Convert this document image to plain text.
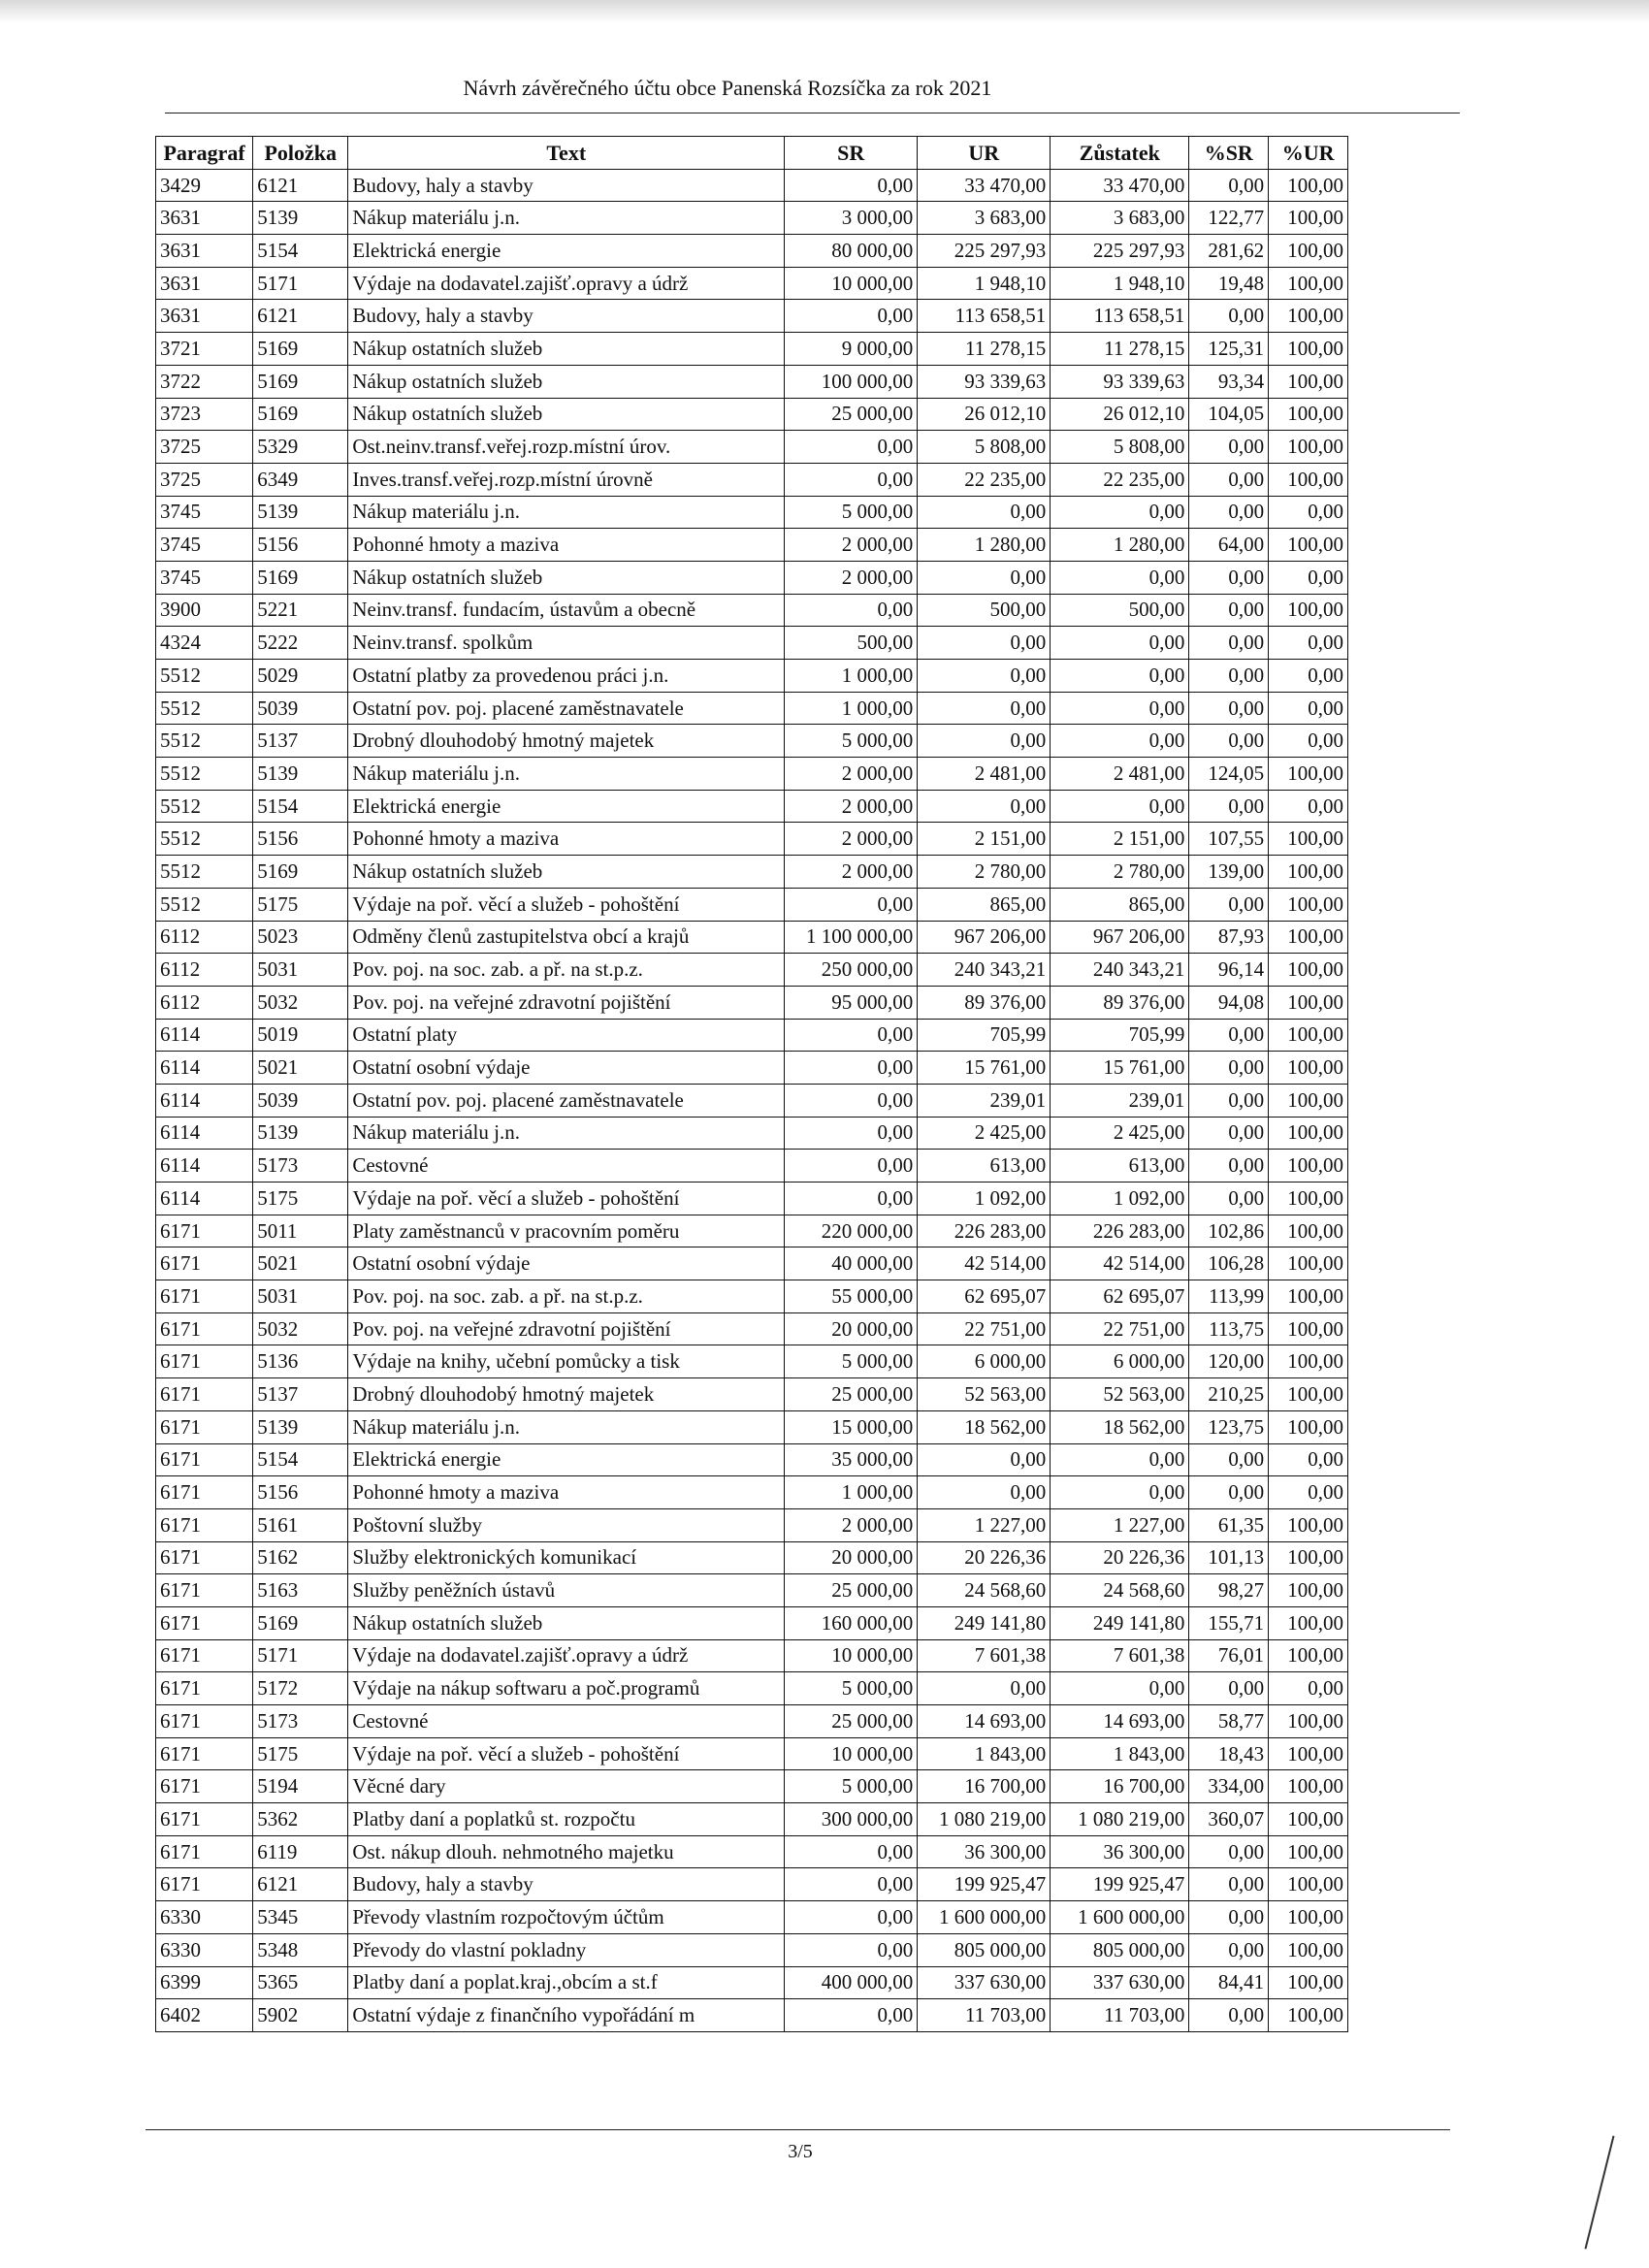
Návrh závěrečného účtu obce Panenská Rozsíčka za rok 2021
Paragraf	Položka	Text	SR	UR	Zůstatek	%SR	%UR
3429	6121	Budovy, haly a stavby	0,00	33 470,00	33 470,00	0,00	100,00
3631	5139	Nákup materiálu j.n.	3 000,00	3 683,00	3 683,00	122,77	100,00
3631	5154	Elektrická energie	80 000,00	225 297,93	225 297,93	281,62	100,00
3631	5171	Výdaje na dodavatel.zajišť.opravy a údrž	10 000,00	1 948,10	1 948,10	19,48	100,00
3631	6121	Budovy, haly a stavby	0,00	113 658,51	113 658,51	0,00	100,00
3721	5169	Nákup ostatních služeb	9 000,00	11 278,15	11 278,15	125,31	100,00
3722	5169	Nákup ostatních služeb	100 000,00	93 339,63	93 339,63	93,34	100,00
3723	5169	Nákup ostatních služeb	25 000,00	26 012,10	26 012,10	104,05	100,00
3725	5329	Ost.neinv.transf.veřej.rozp.místní úrov.	0,00	5 808,00	5 808,00	0,00	100,00
3725	6349	Inves.transf.veřej.rozp.místní úrovně	0,00	22 235,00	22 235,00	0,00	100,00
3745	5139	Nákup materiálu j.n.	5 000,00	0,00	0,00	0,00	0,00
3745	5156	Pohonné hmoty a maziva	2 000,00	1 280,00	1 280,00	64,00	100,00
3745	5169	Nákup ostatních služeb	2 000,00	0,00	0,00	0,00	0,00
3900	5221	Neinv.transf. fundacím, ústavům a obecně	0,00	500,00	500,00	0,00	100,00
4324	5222	Neinv.transf. spolkům	500,00	0,00	0,00	0,00	0,00
5512	5029	Ostatní platby za provedenou práci j.n.	1 000,00	0,00	0,00	0,00	0,00
5512	5039	Ostatní pov. poj. placené zaměstnavatele	1 000,00	0,00	0,00	0,00	0,00
5512	5137	Drobný dlouhodobý hmotný majetek	5 000,00	0,00	0,00	0,00	0,00
5512	5139	Nákup materiálu j.n.	2 000,00	2 481,00	2 481,00	124,05	100,00
5512	5154	Elektrická energie	2 000,00	0,00	0,00	0,00	0,00
5512	5156	Pohonné hmoty a maziva	2 000,00	2 151,00	2 151,00	107,55	100,00
5512	5169	Nákup ostatních služeb	2 000,00	2 780,00	2 780,00	139,00	100,00
5512	5175	Výdaje na poř. věcí a služeb - pohoštění	0,00	865,00	865,00	0,00	100,00
6112	5023	Odměny členů zastupitelstva obcí a krajů	1 100 000,00	967 206,00	967 206,00	87,93	100,00
6112	5031	Pov. poj. na soc. zab. a př. na st.p.z.	250 000,00	240 343,21	240 343,21	96,14	100,00
6112	5032	Pov. poj. na veřejné zdravotní pojištění	95 000,00	89 376,00	89 376,00	94,08	100,00
6114	5019	Ostatní platy	0,00	705,99	705,99	0,00	100,00
6114	5021	Ostatní osobní výdaje	0,00	15 761,00	15 761,00	0,00	100,00
6114	5039	Ostatní pov. poj. placené zaměstnavatele	0,00	239,01	239,01	0,00	100,00
6114	5139	Nákup materiálu j.n.	0,00	2 425,00	2 425,00	0,00	100,00
6114	5173	Cestovné	0,00	613,00	613,00	0,00	100,00
6114	5175	Výdaje na poř. věcí a služeb - pohoštění	0,00	1 092,00	1 092,00	0,00	100,00
6171	5011	Platy zaměstnanců v pracovním poměru	220 000,00	226 283,00	226 283,00	102,86	100,00
6171	5021	Ostatní osobní výdaje	40 000,00	42 514,00	42 514,00	106,28	100,00
6171	5031	Pov. poj. na soc. zab. a př. na st.p.z.	55 000,00	62 695,07	62 695,07	113,99	100,00
6171	5032	Pov. poj. na veřejné zdravotní pojištění	20 000,00	22 751,00	22 751,00	113,75	100,00
6171	5136	Výdaje na knihy, učební pomůcky a tisk	5 000,00	6 000,00	6 000,00	120,00	100,00
6171	5137	Drobný dlouhodobý hmotný majetek	25 000,00	52 563,00	52 563,00	210,25	100,00
6171	5139	Nákup materiálu j.n.	15 000,00	18 562,00	18 562,00	123,75	100,00
6171	5154	Elektrická energie	35 000,00	0,00	0,00	0,00	0,00
6171	5156	Pohonné hmoty a maziva	1 000,00	0,00	0,00	0,00	0,00
6171	5161	Poštovní služby	2 000,00	1 227,00	1 227,00	61,35	100,00
6171	5162	Služby elektronických komunikací	20 000,00	20 226,36	20 226,36	101,13	100,00
6171	5163	Služby peněžních ústavů	25 000,00	24 568,60	24 568,60	98,27	100,00
6171	5169	Nákup ostatních služeb	160 000,00	249 141,80	249 141,80	155,71	100,00
6171	5171	Výdaje na dodavatel.zajišť.opravy a údrž	10 000,00	7 601,38	7 601,38	76,01	100,00
6171	5172	Výdaje na nákup softwaru a poč.programů	5 000,00	0,00	0,00	0,00	0,00
6171	5173	Cestovné	25 000,00	14 693,00	14 693,00	58,77	100,00
6171	5175	Výdaje na poř. věcí a služeb - pohoštění	10 000,00	1 843,00	1 843,00	18,43	100,00
6171	5194	Věcné dary	5 000,00	16 700,00	16 700,00	334,00	100,00
6171	5362	Platby daní a poplatků st. rozpočtu	300 000,00	1 080 219,00	1 080 219,00	360,07	100,00
6171	6119	Ost. nákup dlouh. nehmotného majetku	0,00	36 300,00	36 300,00	0,00	100,00
6171	6121	Budovy, haly a stavby	0,00	199 925,47	199 925,47	0,00	100,00
6330	5345	Převody vlastním rozpočtovým účtům	0,00	1 600 000,00	1 600 000,00	0,00	100,00
6330	5348	Převody do vlastní pokladny	0,00	805 000,00	805 000,00	0,00	100,00
6399	5365	Platby daní a poplat.kraj.,obcím a st.f	400 000,00	337 630,00	337 630,00	84,41	100,00
6402	5902	Ostatní výdaje z finančního vypořádání m	0,00	11 703,00	11 703,00	0,00	100,00
3/5
